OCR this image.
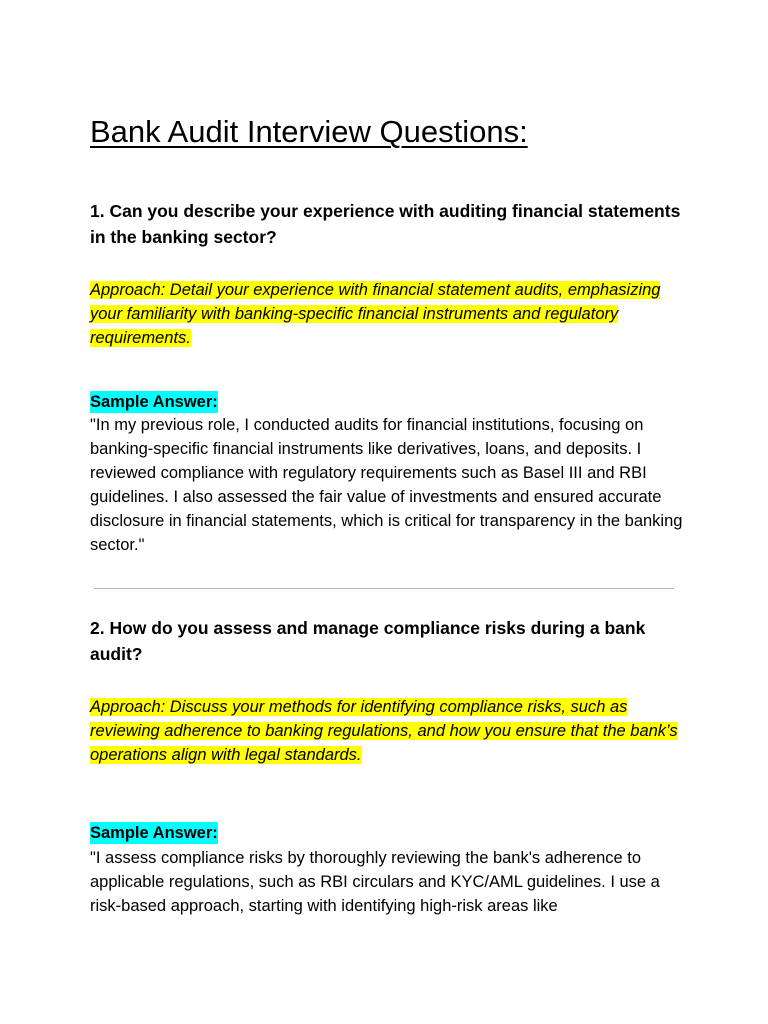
Bank Audit Interview Questions:

1. Can you describe your experience with auditing financial statements in the banking sector?

Approach: Detail your experience with financial statement audits, emphasizing your familiarity with banking-specific financial instruments and regulatory requirements.

Sample Answer:

"In my previous role, I conducted audits for financial institutions, focusing on banking-specific financial instruments like derivatives, loans, and deposits. I reviewed compliance with regulatory requirements such as Basel III and RBI guidelines. I also assessed the fair value of investments and ensured accurate disclosure in financial statements, which is critical for transparency in the banking sector."

2. How do you assess and manage compliance risks during a bank audit?

Approach: Discuss your methods for identifying compliance risks, such as reviewing adherence to banking regulations, and how you ensure that the bank’s operations align with legal standards.

Sample Answer:

"I assess compliance risks by thoroughly reviewing the bank's adherence to applicable regulations, such as RBI circulars and KYC/AML guidelines. I use a risk-based approach, starting with identifying high-risk areas like
